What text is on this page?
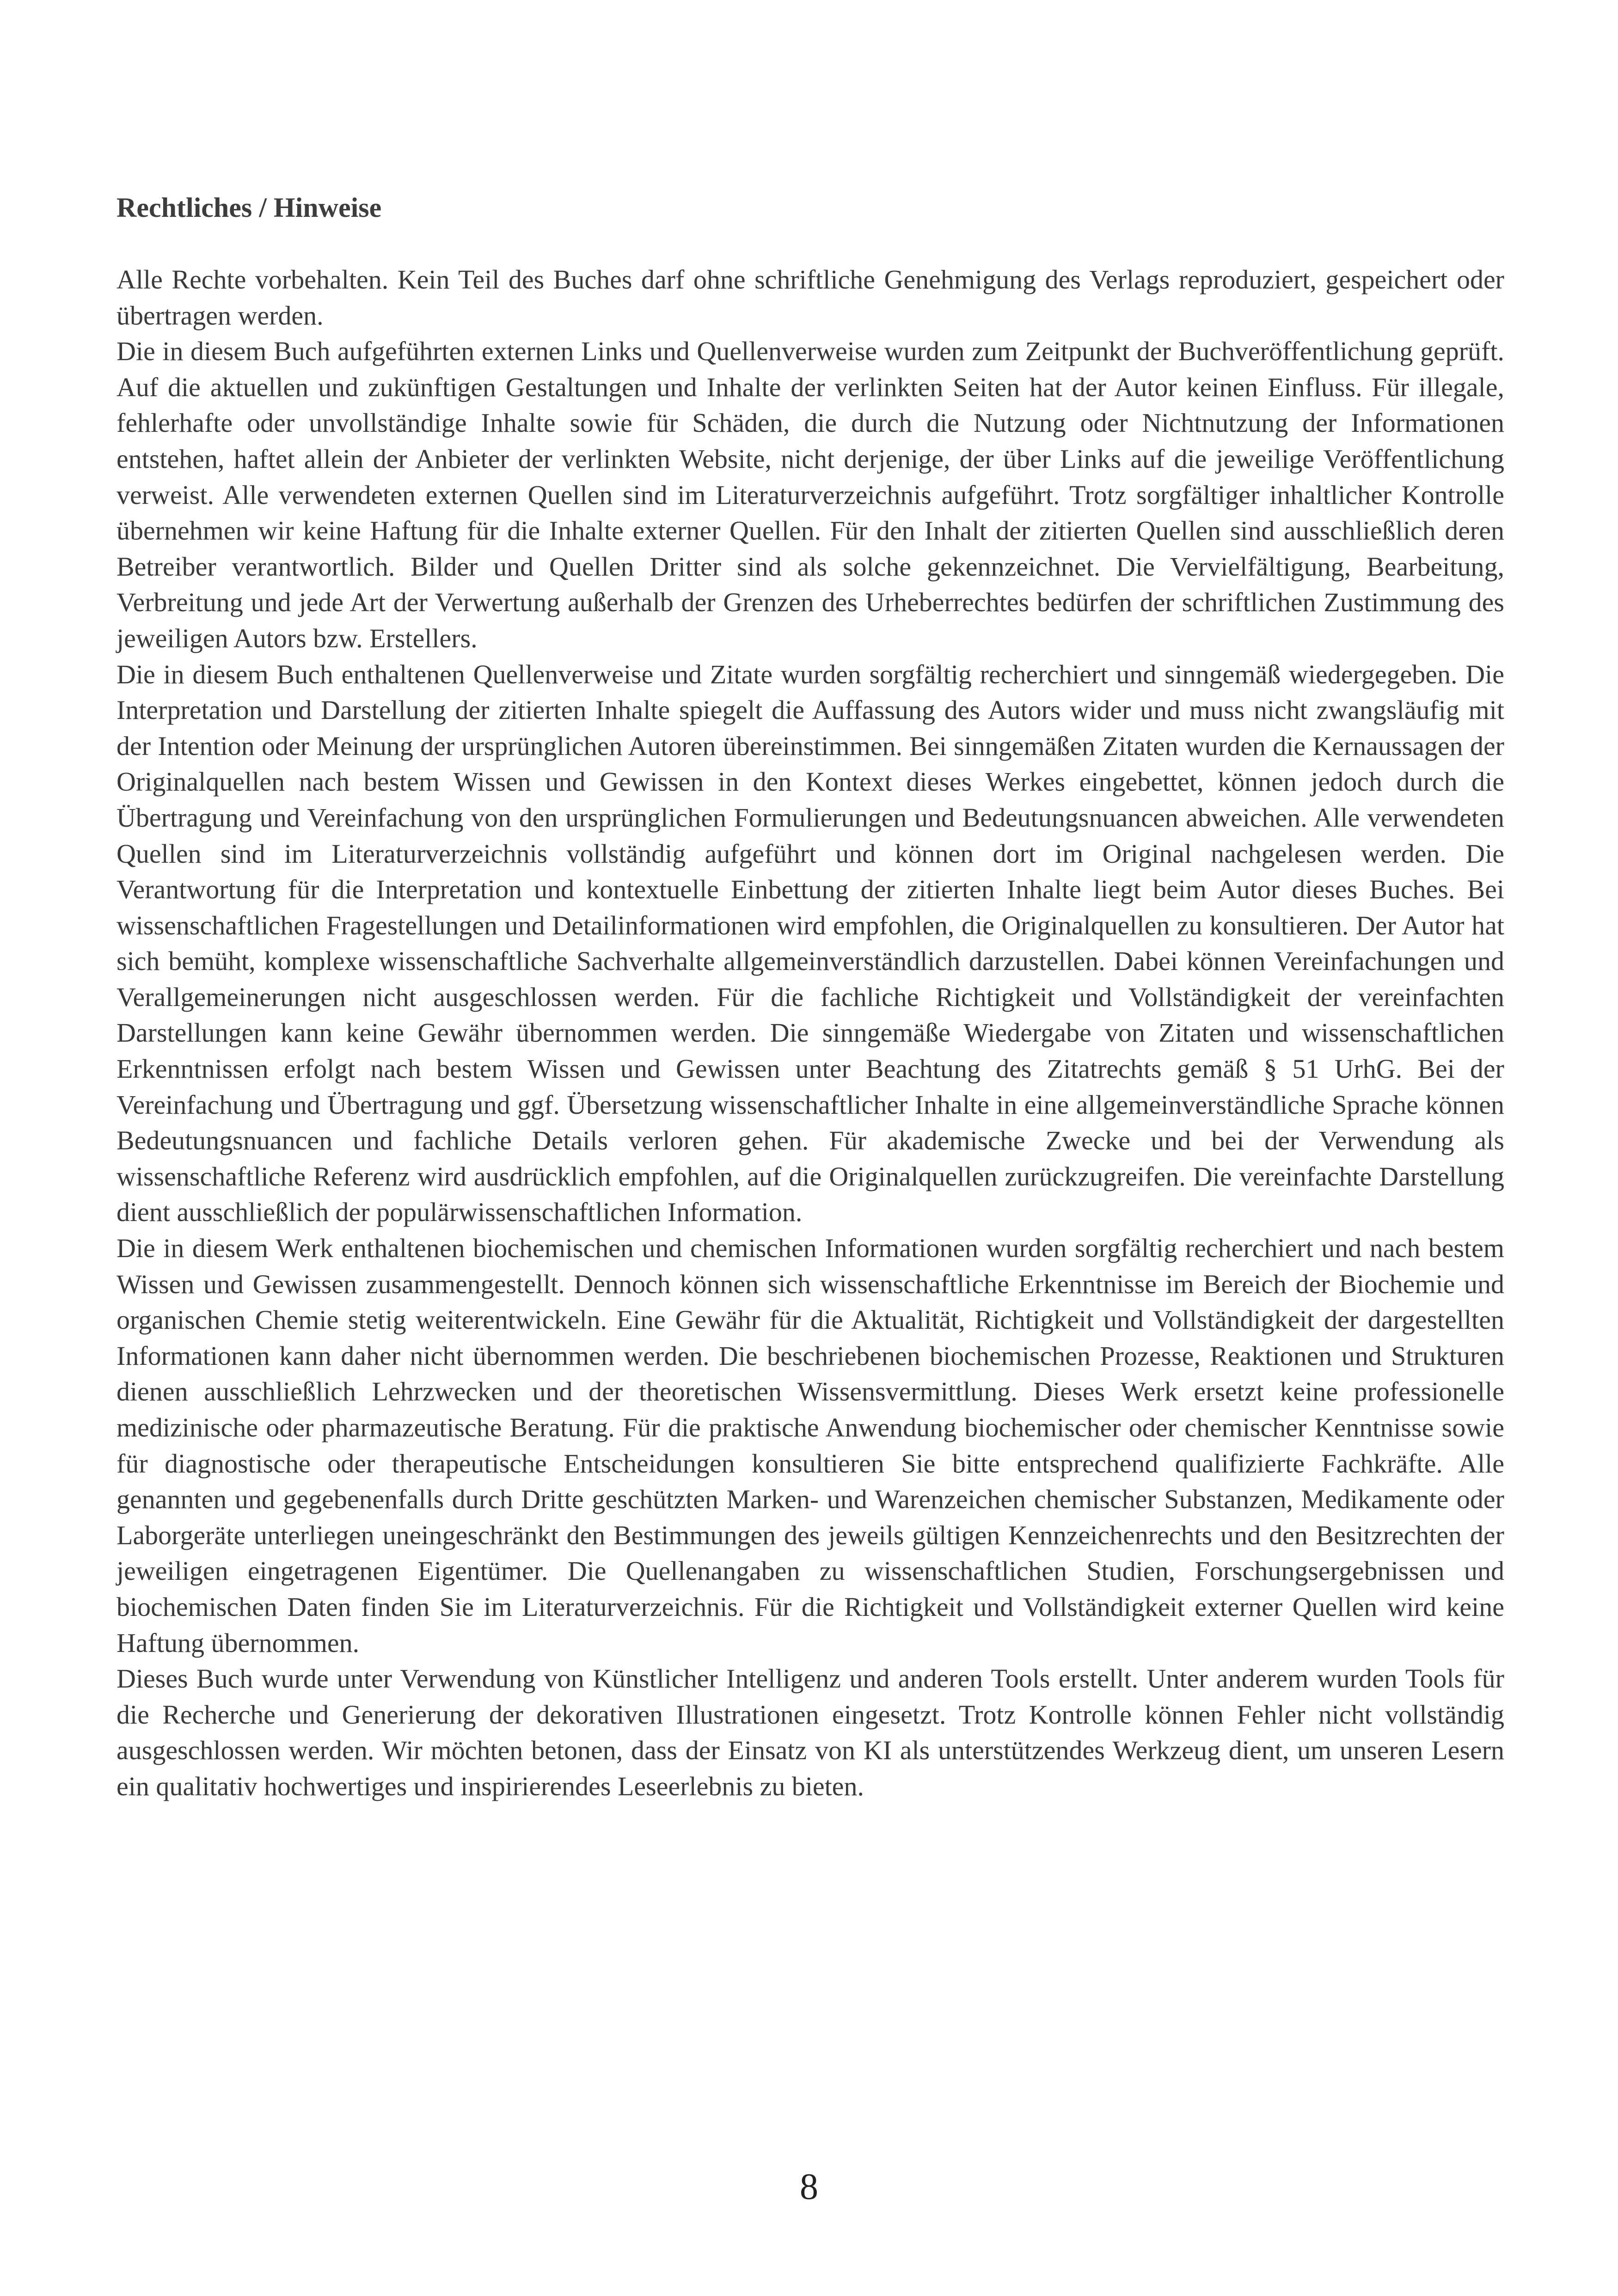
Rechtliches / Hinweise

Alle Rechte vorbehalten. Kein Teil des Buches darf ohne schriftliche Genehmigung des Verlags reproduziert, gespeichert oder übertragen werden.

Die in diesem Buch aufgeführten externen Links und Quellenverweise wurden zum Zeitpunkt der Buchveröffentlichung geprüft. Auf die aktuellen und zukünftigen Gestaltungen und Inhalte der verlinkten Seiten hat der Autor keinen Einfluss. Für illegale, fehlerhafte oder unvollständige Inhalte sowie für Schäden, die durch die Nutzung oder Nichtnutzung der Informationen entstehen, haftet allein der Anbieter der verlinkten Website, nicht derjenige, der über Links auf die jeweilige Veröffentlichung verweist. Alle verwendeten externen Quellen sind im Literaturverzeichnis aufgeführt. Trotz sorgfältiger inhaltlicher Kontrolle übernehmen wir keine Haftung für die Inhalte externer Quellen. Für den Inhalt der zitierten Quellen sind ausschließlich deren Betreiber verantwortlich. Bilder und Quellen Dritter sind als solche gekennzeichnet. Die Vervielfältigung, Bearbeitung, Verbreitung und jede Art der Verwertung außerhalb der Grenzen des Urheberrechtes bedürfen der schriftlichen Zustimmung des jeweiligen Autors bzw. Erstellers.

Die in diesem Buch enthaltenen Quellenverweise und Zitate wurden sorgfältig recherchiert und sinngemäß wiedergegeben. Die Interpretation und Darstellung der zitierten Inhalte spiegelt die Auffassung des Autors wider und muss nicht zwangsläufig mit der Intention oder Meinung der ursprünglichen Autoren übereinstimmen. Bei sinngemäßen Zitaten wurden die Kernaussagen der Originalquellen nach bestem Wissen und Gewissen in den Kontext dieses Werkes eingebettet, können jedoch durch die Übertragung und Vereinfachung von den ursprünglichen Formulierungen und Bedeutungsnuancen abweichen. Alle verwendeten Quellen sind im Literaturverzeichnis vollständig aufgeführt und können dort im Original nachgelesen werden. Die Verantwortung für die Interpretation und kontextuelle Einbettung der zitierten Inhalte liegt beim Autor dieses Buches. Bei wissenschaftlichen Fragestellungen und Detailinformationen wird empfohlen, die Originalquellen zu konsultieren. Der Autor hat sich bemüht, komplexe wissenschaftliche Sachverhalte allgemeinverständlich darzustellen. Dabei können Vereinfachungen und Verallgemeinerungen nicht ausgeschlossen werden. Für die fachliche Richtigkeit und Vollständigkeit der vereinfachten Darstellungen kann keine Gewähr übernommen werden. Die sinngemäße Wiedergabe von Zitaten und wissenschaftlichen Erkenntnissen erfolgt nach bestem Wissen und Gewissen unter Beachtung des Zitatrechts gemäß § 51 UrhG. Bei der Vereinfachung und Übertragung und ggf. Übersetzung wissenschaftlicher Inhalte in eine allgemeinverständliche Sprache können Bedeutungsnuancen und fachliche Details verloren gehen. Für akademische Zwecke und bei der Verwendung als wissenschaftliche Referenz wird ausdrücklich empfohlen, auf die Originalquellen zurückzugreifen. Die vereinfachte Darstellung dient ausschließlich der populärwissenschaftlichen Information.

Die in diesem Werk enthaltenen biochemischen und chemischen Informationen wurden sorgfältig recherchiert und nach bestem Wissen und Gewissen zusammengestellt. Dennoch können sich wissenschaftliche Erkenntnisse im Bereich der Biochemie und organischen Chemie stetig weiterentwickeln. Eine Gewähr für die Aktualität, Richtigkeit und Vollständigkeit der dargestellten Informationen kann daher nicht übernommen werden. Die beschriebenen biochemischen Prozesse, Reaktionen und Strukturen dienen ausschließlich Lehrzwecken und der theoretischen Wissensvermittlung. Dieses Werk ersetzt keine professionelle medizinische oder pharmazeutische Beratung. Für die praktische Anwendung biochemischer oder chemischer Kenntnisse sowie für diagnostische oder therapeutische Entscheidungen konsultieren Sie bitte entsprechend qualifizierte Fachkräfte. Alle genannten und gegebenenfalls durch Dritte geschützten Marken- und Warenzeichen chemischer Substanzen, Medikamente oder Laborgeräte unterliegen uneingeschränkt den Bestimmungen des jeweils gültigen Kennzeichenrechts und den Besitzrechten der jeweiligen eingetragenen Eigentümer. Die Quellenangaben zu wissenschaftlichen Studien, Forschungsergebnissen und biochemischen Daten finden Sie im Literaturverzeichnis. Für die Richtigkeit und Vollständigkeit externer Quellen wird keine Haftung übernommen.

Dieses Buch wurde unter Verwendung von Künstlicher Intelligenz und anderen Tools erstellt. Unter anderem wurden Tools für die Recherche und Generierung der dekorativen Illustrationen eingesetzt. Trotz Kontrolle können Fehler nicht vollständig ausgeschlossen werden. Wir möchten betonen, dass der Einsatz von KI als unterstützendes Werkzeug dient, um unseren Lesern ein qualitativ hochwertiges und inspirierendes Leseerlebnis zu bieten.

8
